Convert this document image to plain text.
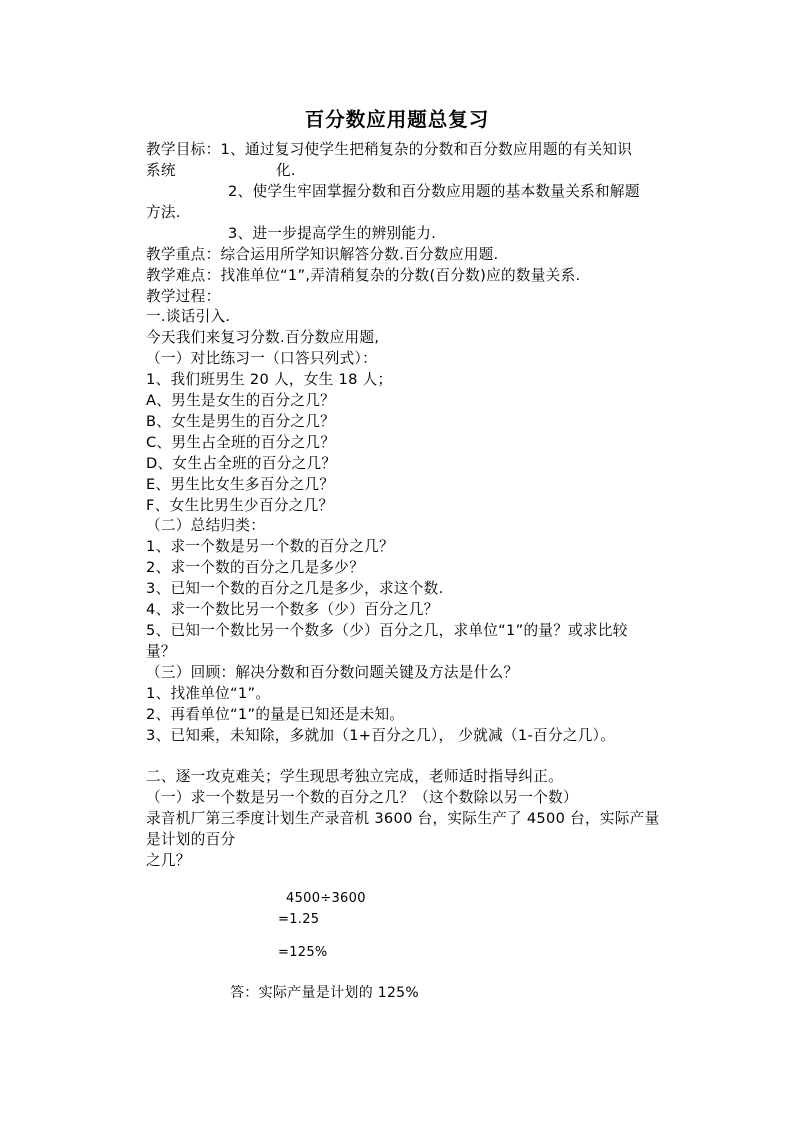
百分数应用题总复习
教学目标：1、通过复习使学生把稍复杂的分数和百分数应用题的有关知识
系统	化.
2、使学生牢固掌握分数和百分数应用题的基本数量关系和解题
方法.
3、进一步提高学生的辨别能力.
教学重点：综合运用所学知识解答分数.百分数应用题.
教学难点：找准单位“1”,弄清稍复杂的分数(百分数)应的数量关系.
教学过程：
一.谈话引入.
今天我们来复习分数.百分数应用题,
（一）对比练习一（口答只列式）：
1、我们班男生 20 人，女生 18 人；
A、男生是女生的百分之几？
B、女生是男生的百分之几？
C、男生占全班的百分之几？
D、女生占全班的百分之几？
E、男生比女生多百分之几？
F、女生比男生少百分之几？
（二）总结归类：
1、求一个数是另一个数的百分之几？
2、求一个数的百分之几是多少？
3、已知一个数的百分之几是多少，求这个数.
4、求一个数比另一个数多（少）百分之几？
5、已知一个数比另一个数多（少）百分之几，求单位“1”的量？或求比较
量？
（三）回顾：解决分数和百分数问题关键及方法是什么？
1、找准单位“1”。
2、再看单位“1”的量是已知还是未知。
3、已知乘，未知除，多就加（1+百分之几）， 少就减（1-百分之几）。
二、逐一攻克难关；学生现思考独立完成，老师适时指导纠正。
（一）求一个数是另一个数的百分之几？（这个数除以另一个数）
录音机厂第三季度计划生产录音机 3600 台，实际生产了 4500 台，实际产量
是计划的百分
之几？
4500÷3600
=1.25
=125%
答：实际产量是计划的 125%
